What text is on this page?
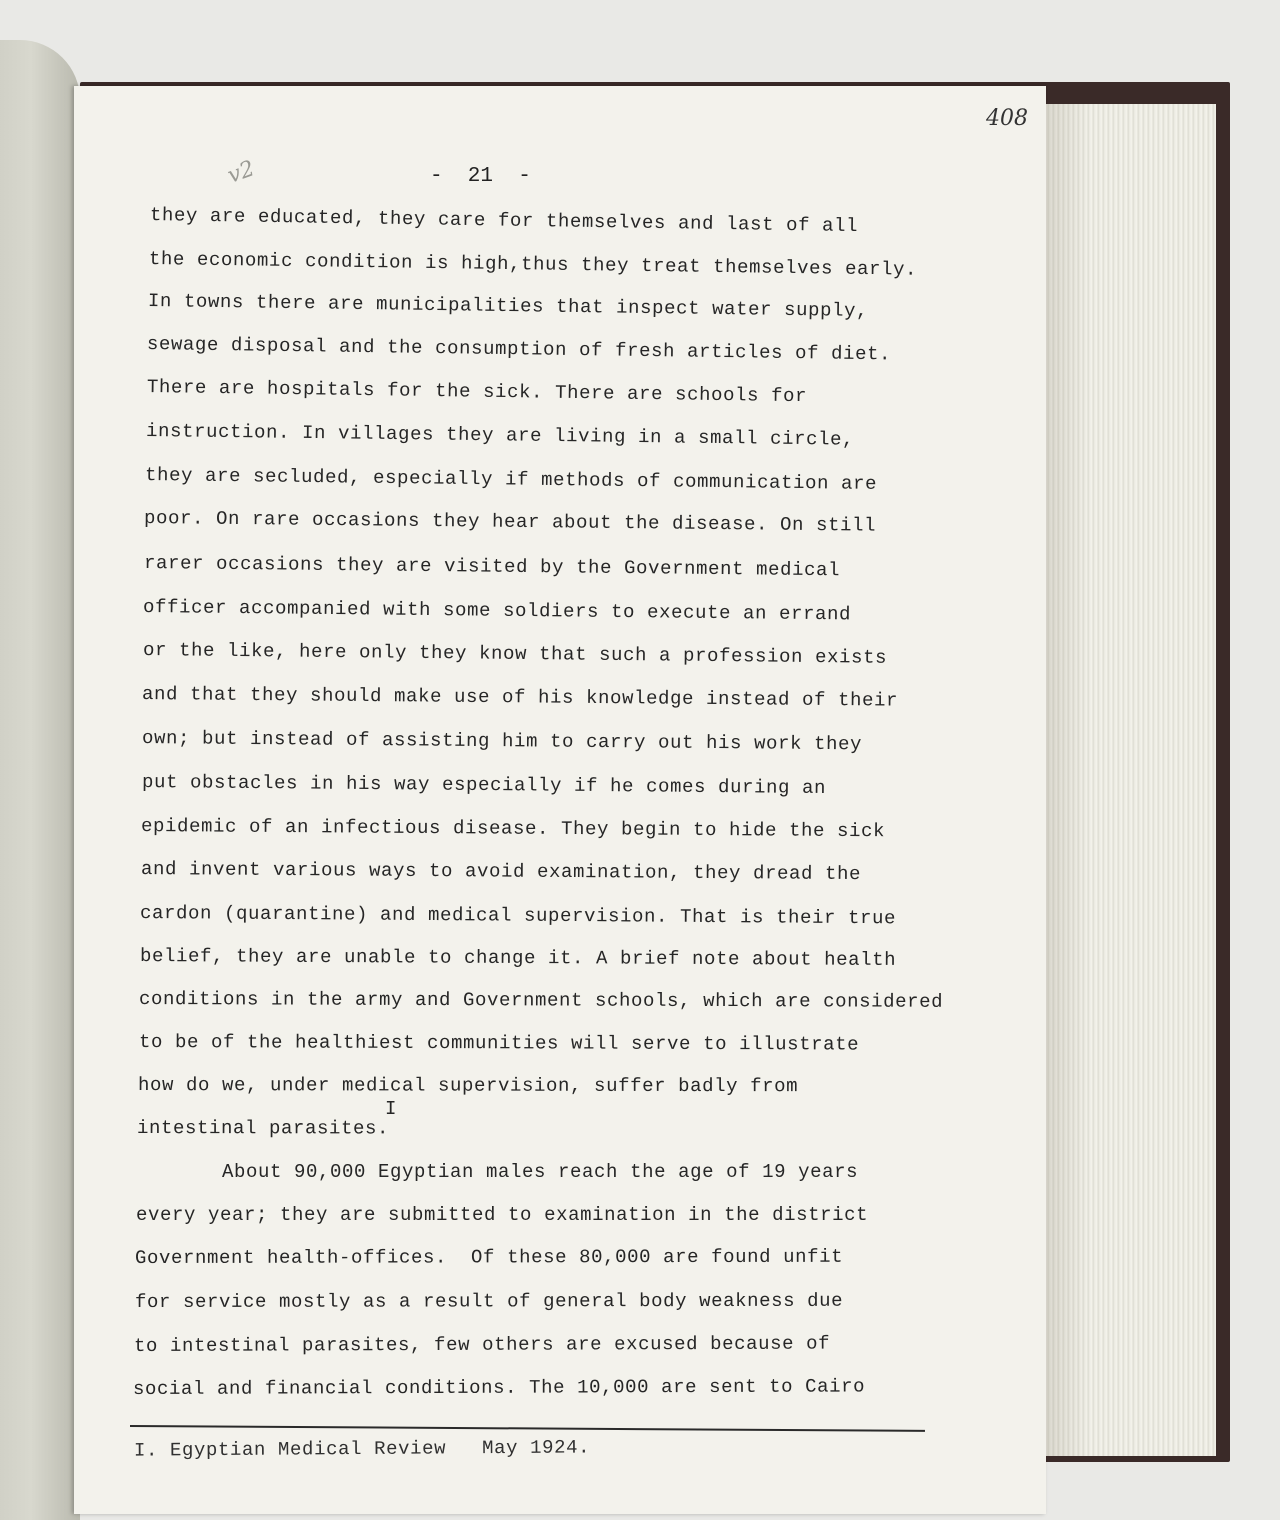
408
v2	-  21  -
they are educated, they care for themselves and last of all
the economic condition is high,thus they treat themselves early.
In towns there are municipalities that inspect water supply,
sewage disposal and the consumption of fresh articles of diet.
There are hospitals for the sick. There are schools for
instruction. In villages they are living in a small circle,
they are secluded, especially if methods of communication are
poor. On rare occasions they hear about the disease. On still
rarer occasions they are visited by the Government medical
officer accompanied with some soldiers to execute an errand
or the like, here only they know that such a profession exists
and that they should make use of his knowledge instead of their
own; but instead of assisting him to carry out his work they
put obstacles in his way especially if he comes during an
epidemic of an infectious disease. They begin to hide the sick
and invent various ways to avoid examination, they dread the
cardon (quarantine) and medical supervision. That is their true
belief, they are unable to change it. A brief note about health
conditions in the army and Government schools, which are considered
to be of the healthiest communities will serve to illustrate
how do we, under medical supervision, suffer badly from
I
intestinal parasites.
About 90,000 Egyptian males reach the age of 19 years
every year; they are submitted to examination in the district
Government health-offices.  Of these 80,000 are found unfit
for service mostly as a result of general body weakness due
to intestinal parasites, few others are excused because of
social and financial conditions. The 10,000 are sent to Cairo
I. Egyptian Medical Review   May 1924.
